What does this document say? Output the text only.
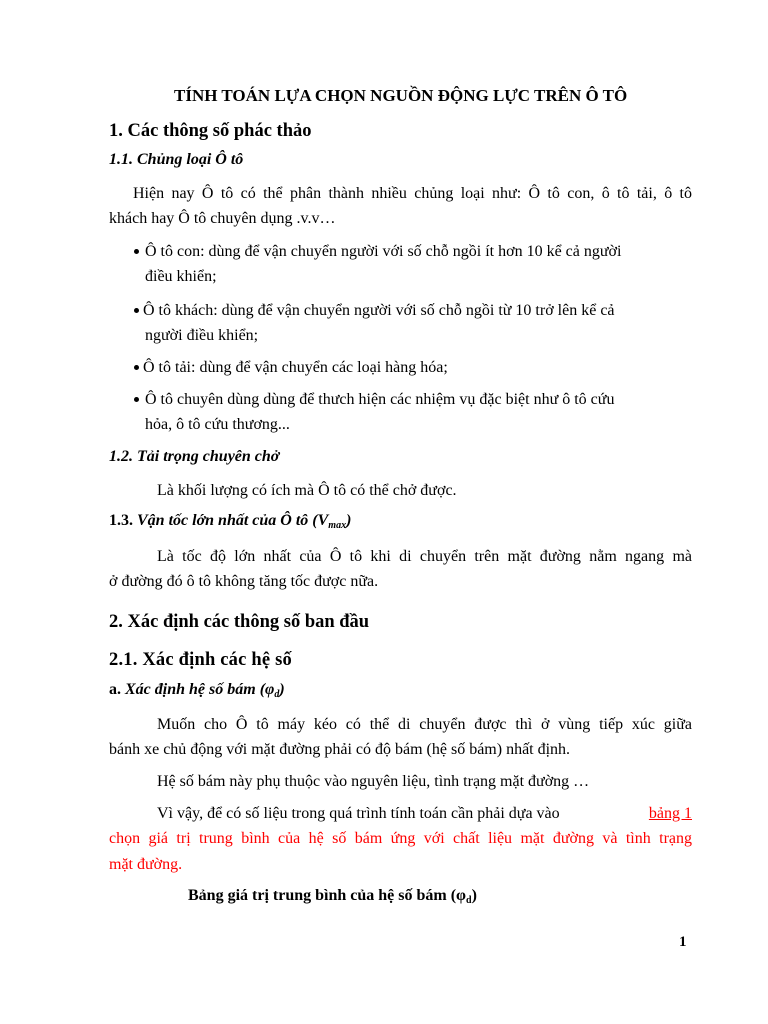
TÍNH TOÁN LỰA CHỌN NGUỒN ĐỘNG LỰC TRÊN Ô TÔ
1. Các thông số phác thảo
1.1. Chủng loại Ô tô
Hiện nay Ô tô có thể phân thành nhiều chủng loại như: Ô tô con, ô tô tải, ô tô
khách hay Ô tô chuyên dụng .v.v…
Ô tô con: dùng để vận chuyển người với số chỗ ngồi ít hơn 10 kể cả người
điều khiển;
Ô tô khách: dùng để vận chuyển người với số chỗ ngồi từ 10 trở lên kể cả
người điều khiển;
Ô tô tải: dùng để vận chuyển các loại hàng hóa;
Ô tô chuyên dùng dùng để thưch hiện các nhiệm vụ đặc biệt như ô tô cứu
hỏa, ô tô cứu thương...
1.2. Tải trọng chuyên chở
Là khối lượng có ích mà Ô tô có thể chở được.
1.3. Vận tốc lớn nhất của Ô tô $(V_{max})$
Là tốc độ lớn nhất của Ô tô khi di chuyển trên mặt đường nằm ngang mà
ở đường đó ô tô không tăng tốc được nữa.
2. Xác định các thông số ban đầu
2.1. Xác định các hệ số
a. Xác định hệ số bám $(\varphi_d)$
Muốn cho Ô tô máy kéo có thể di chuyển được thì ở vùng tiếp xúc giữa
bánh xe chủ động với mặt đường phải có độ bám (hệ số bám) nhất định.
Hệ số bám này phụ thuộc vào nguyên liệu, tình trạng mặt đường …
Vì vậy, để có số liệu trong quá trình tính toán cần phải dựa vào	bảng 1
chọn giá trị trung bình của hệ số bám ứng với chất liệu mặt đường và tình trạng
mặt đường.
Bảng giá trị trung bình của hệ số bám $(\varphi_d)$
1
